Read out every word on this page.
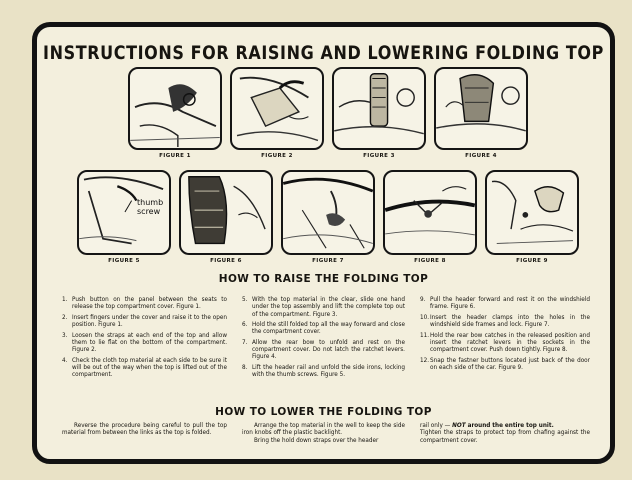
INSTRUCTIONS FOR RAISING AND LOWERING FOLDING TOP
FIGURE 1	FIGURE 2	FIGURE 3	FIGURE 4
thumb screw
FIGURE 5	FIGURE 6	FIGURE 7	FIGURE 8	FIGURE 9
HOW TO RAISE THE FOLDING TOP
1. Push button on the panel between the seats to release the top compartment cover. Figure 1.
2. Insert fingers under the cover and raise it to the open position. Figure 1.
3. Loosen the straps at each end of the top and allow them to lie flat on the bottom of the compartment. Figure 2.
4. Check the cloth top material at each side to be sure it will be out of the way when the top is lifted out of the compartment.
5. With the top material in the clear, slide one hand under the top assembly and lift the complete top out of the compartment. Figure 3.
6. Hold the still folded top all the way forward and close the compartment cover.
7. Allow the rear bow to unfold and rest on the compartment cover. Do not latch the ratchet levers. Figure 4.
8. Lift the header rail and unfold the side irons, locking with the thumb screws. Figure 5.
9. Pull the header forward and rest it on the windshield frame. Figure 6.
10. Insert the header clamps into the holes in the windshield side frames and lock. Figure 7.
11. Hold the rear bow catches in the released position and insert the ratchet levers in the sockets in the compartment cover. Push down tightly. Figure 8.
12. Snap the fastner buttons located just back of the door on each side of the car. Figure 9.
HOW TO LOWER THE FOLDING TOP

Reverse the procedure being careful to pull the top material from between the links as the top is folded.

Arrange the top material in the well to keep the side iron knobs off the plastic backlight.

Bring the hold down straps over the header

rail only — NOT around the entire top unit.

Tighten the straps to protect top from chafing against the compartment cover.
